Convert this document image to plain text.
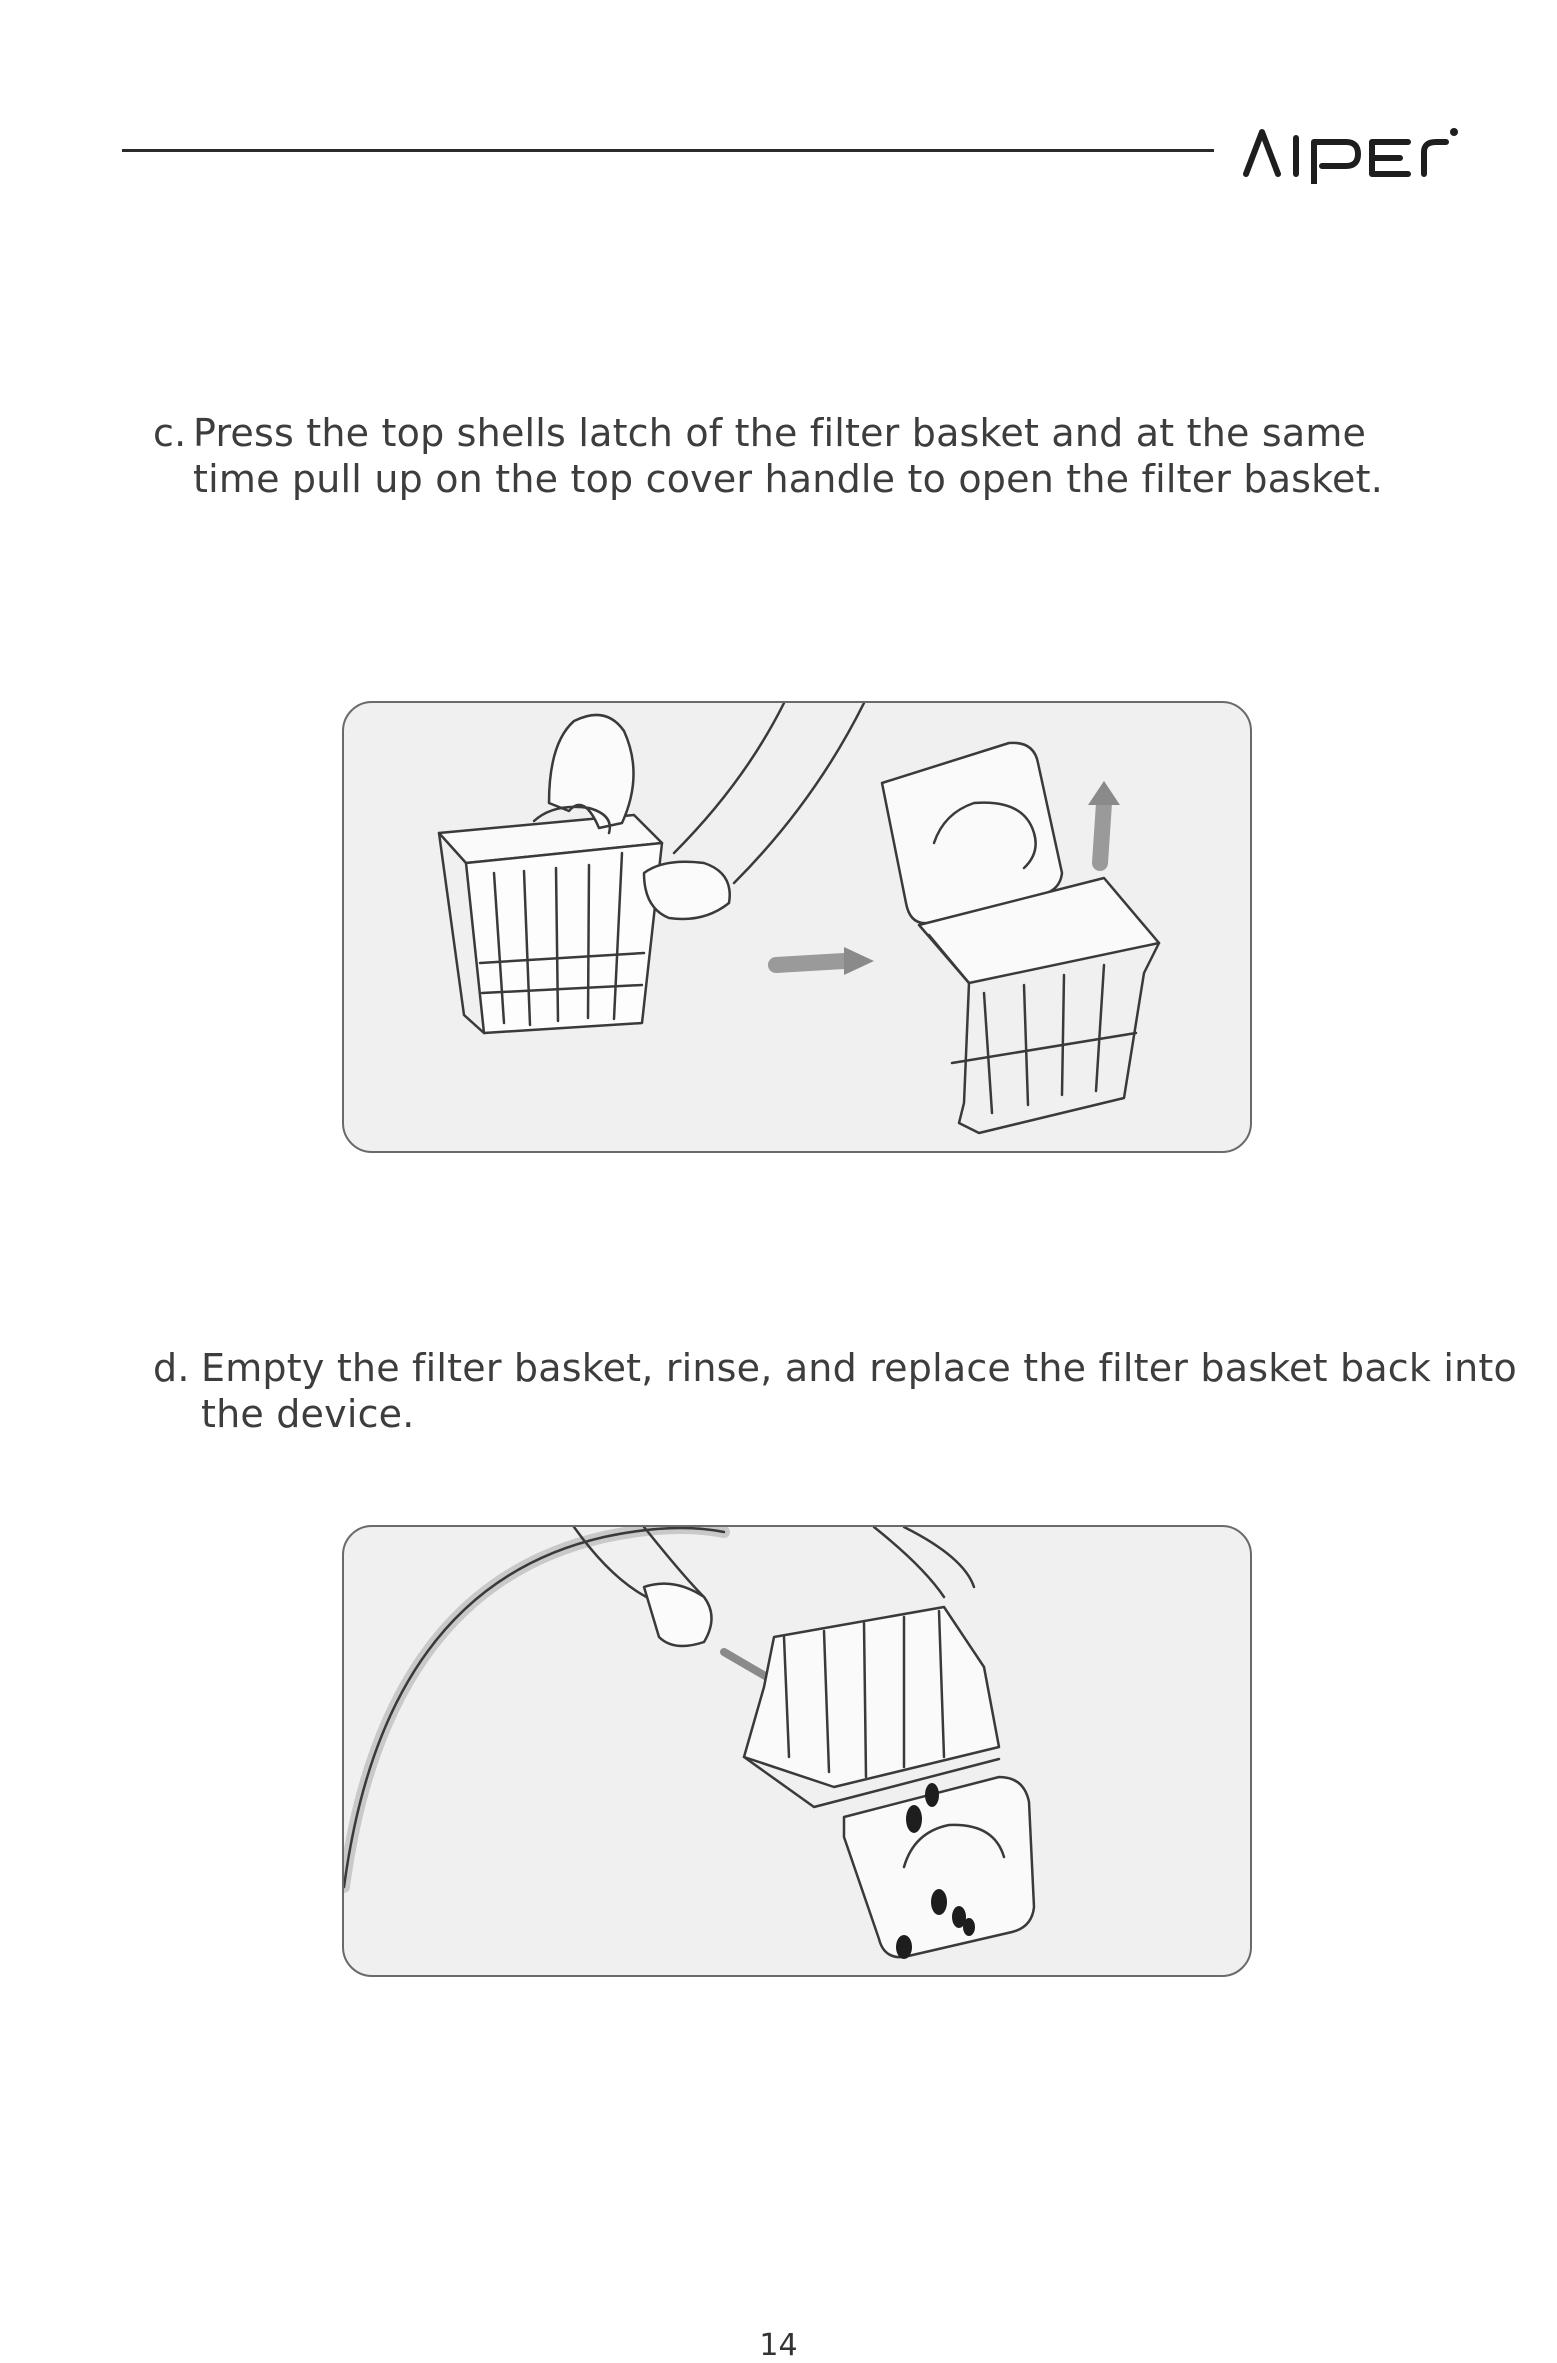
c. Press the top shells latch of the filter basket and at the same time pull up on the top cover handle to open the filter basket.
d. Empty the filter basket, rinse, and replace the filter basket back into the device.
14
